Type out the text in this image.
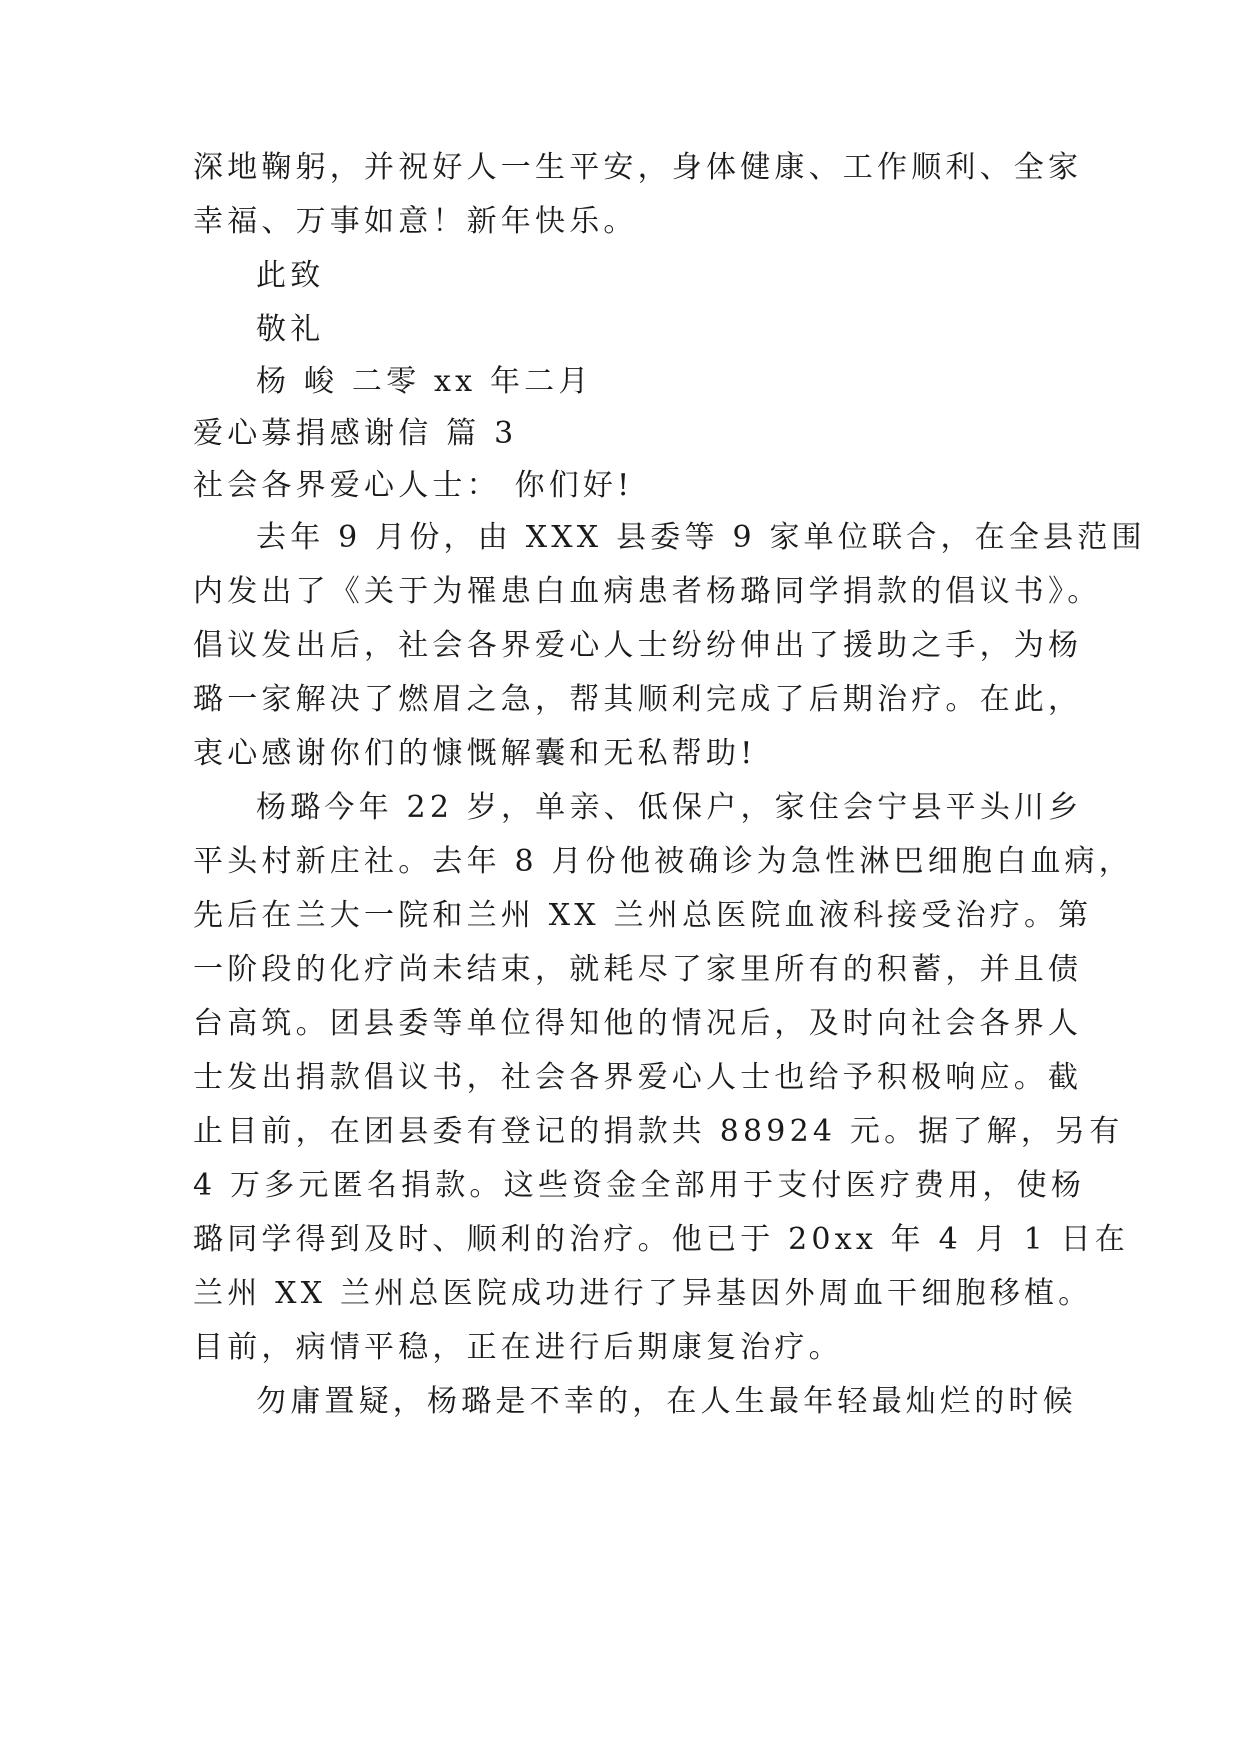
深地鞠躬，并祝好人一生平安，身体健康、工作顺利、全家
幸福、万事如意！新年快乐。
此致
敬礼
杨 峻 二零 xx 年二月
爱心募捐感谢信 篇 3
社会各界爱心人士： 你们好!
去年 9 月份，由 XXX 县委等 9 家单位联合，在全县范围
内发出了《关于为罹患白血病患者杨璐同学捐款的倡议书》。
倡议发出后，社会各界爱心人士纷纷伸出了援助之手，为杨
璐一家解决了燃眉之急，帮其顺利完成了后期治疗。在此，
衷心感谢你们的慷慨解囊和无私帮助!
杨璐今年 22 岁，单亲、低保户，家住会宁县平头川乡
平头村新庄社。去年 8 月份他被确诊为急性淋巴细胞白血病，
先后在兰大一院和兰州 XX 兰州总医院血液科接受治疗。第
一阶段的化疗尚未结束，就耗尽了家里所有的积蓄，并且债
台高筑。团县委等单位得知他的情况后，及时向社会各界人
士发出捐款倡议书，社会各界爱心人士也给予积极响应。截
止目前，在团县委有登记的捐款共 88924 元。据了解，另有
4 万多元匿名捐款。这些资金全部用于支付医疗费用，使杨
璐同学得到及时、顺利的治疗。他已于 20xx 年 4 月 1 日在
兰州 XX 兰州总医院成功进行了异基因外周血干细胞移植。
目前，病情平稳，正在进行后期康复治疗。
勿庸置疑，杨璐是不幸的，在人生最年轻最灿烂的时候
